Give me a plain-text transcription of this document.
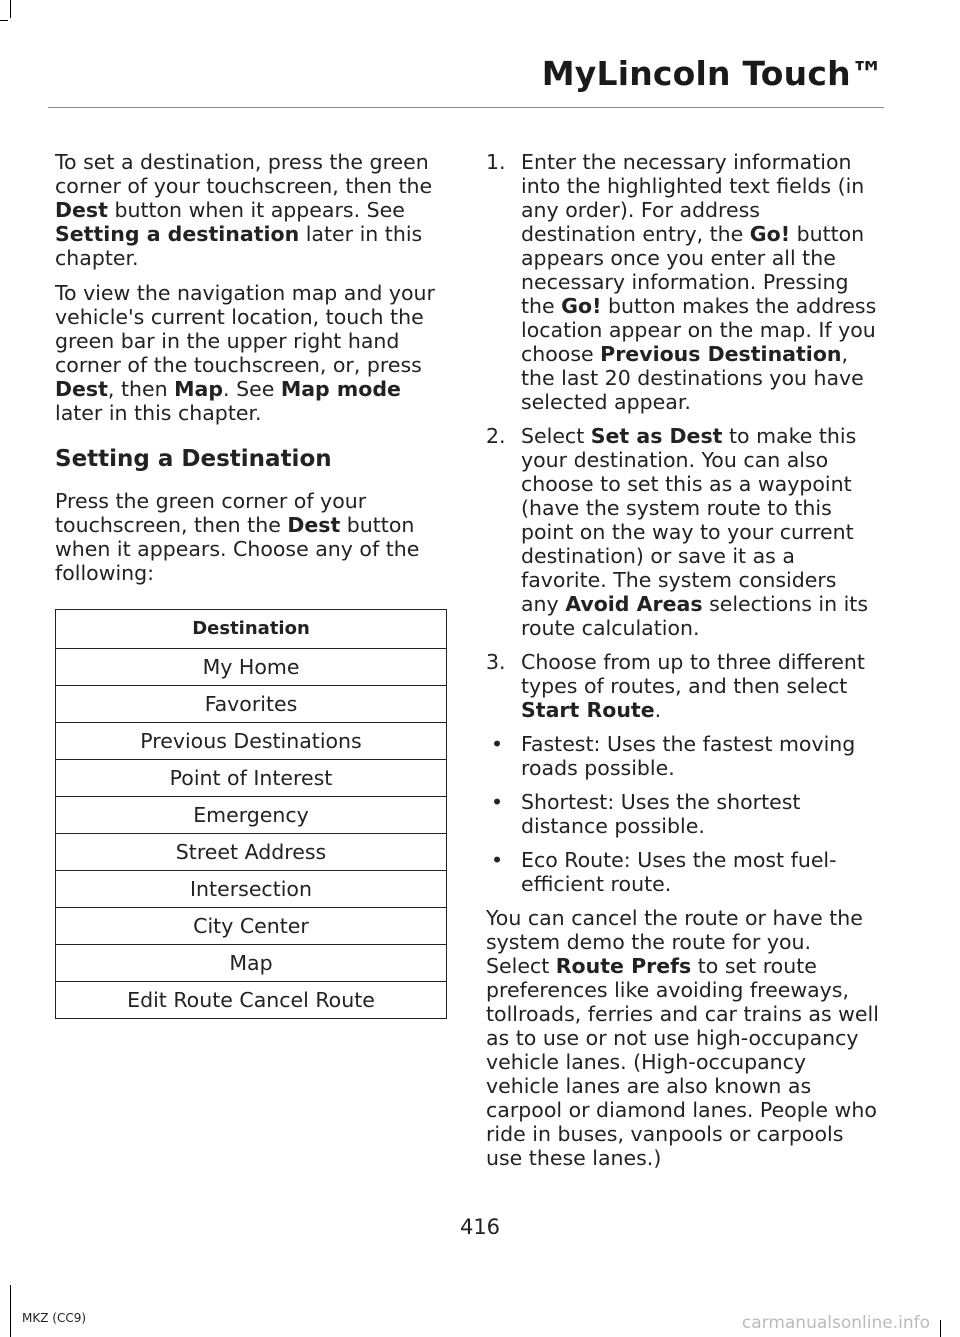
MyLincoln Touch™

To set a destination, press the green corner of your touchscreen, then the Dest button when it appears. See Setting a destination later in this chapter.

To view the navigation map and your vehicle's current location, touch the green bar in the upper right hand corner of the touchscreen, or, press Dest, then Map. See Map mode later in this chapter.

Setting a Destination

Press the green corner of your touchscreen, then the Dest button when it appears. Choose any of the following:

Destination
My Home
Favorites
Previous Destinations
Point of Interest
Emergency
Street Address
Intersection
City Center
Map
Edit Route Cancel Route
1. Enter the necessary information into the highlighted text fields (in any order). For address destination entry, the Go! button appears once you enter all the necessary information. Pressing the Go! button makes the address location appear on the map. If you choose Previous Destination, the last 20 destinations you have selected appear.
2. Select Set as Dest to make this your destination. You can also choose to set this as a waypoint (have the system route to this point on the way to your current destination) or save it as a favorite. The system considers any Avoid Areas selections in its route calculation.
3. Choose from up to three different types of routes, and then select Start Route.
• Fastest: Uses the fastest moving roads possible.
• Shortest: Uses the shortest distance possible.
• Eco Route: Uses the most fuel-efficient route.

You can cancel the route or have the system demo the route for you. Select Route Prefs to set route preferences like avoiding freeways, tollroads, ferries and car trains as well as to use or not use high-occupancy vehicle lanes. (High-occupancy vehicle lanes are also known as carpool or diamond lanes. People who ride in buses, vanpools or carpools use these lanes.)

416
MKZ (CC9)	carmanualsonline.info
